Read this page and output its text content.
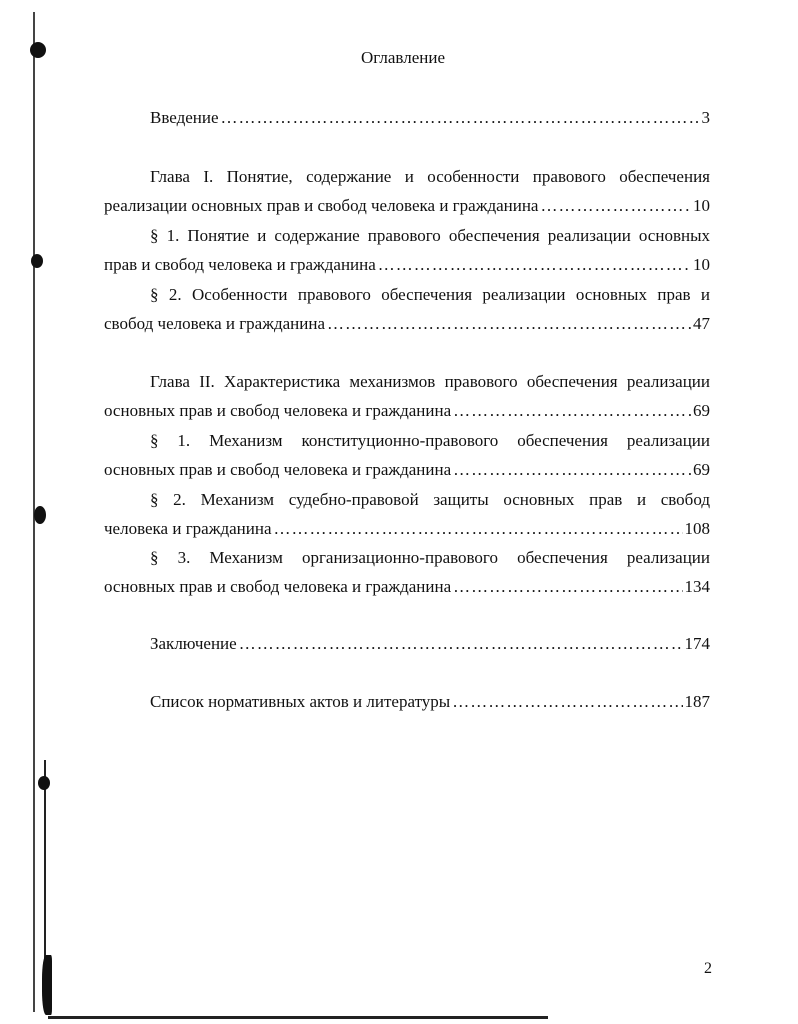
Оглавление
Введение ………………………………………………………………………………………………………………	3
Глава I. Понятие, содержание и особенности правового обеспечения
реализации основных прав и свобод человека и гражданина ………………………………………………………………………………………………………………	10
§ 1. Понятие и содержание правового обеспечения реализации основных
прав и свобод человека и гражданина ………………………………………………………………………………………………………………	10
§ 2. Особенности правового обеспечения реализации основных прав и
свобод человека и гражданина ………………………………………………………………………………………………………………	47
Глава II. Характеристика механизмов правового обеспечения реализации
основных прав и свобод человека и гражданина ………………………………………………………………………………………………………………	69
§ 1. Механизм конституционно-правового обеспечения реализации
основных прав и свобод человека и гражданина ………………………………………………………………………………………………………………	69
§ 2. Механизм судебно-правовой защиты основных прав и свобод
человека и гражданина ………………………………………………………………………………………………………………	108
§ 3. Механизм организационно-правового обеспечения реализации
основных прав и свобод человека и гражданина ………………………………………………………………………………………………………………	134
Заключение ………………………………………………………………………………………………………………	174
Список нормативных актов и литературы ………………………………………………………………………………………………………………	187
2
